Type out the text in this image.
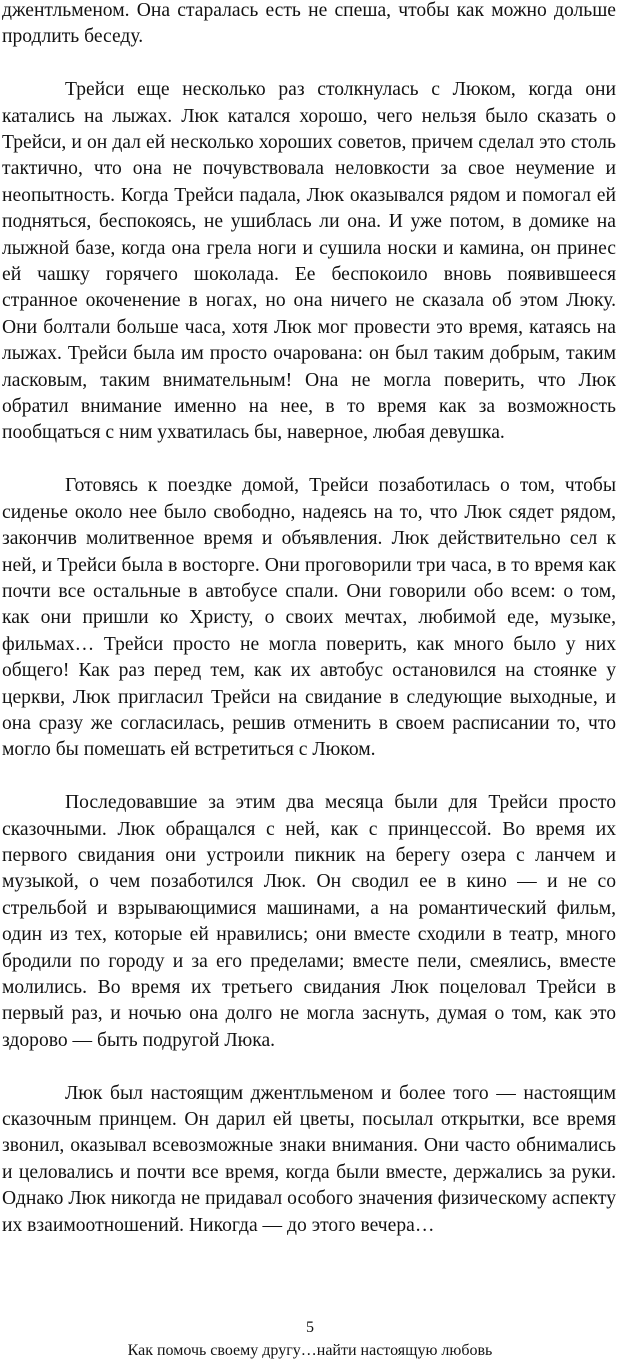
джентльменом. Она старалась есть не спеша, чтобы как можно дольше продлить беседу.

Трейси еще несколько раз столкнулась с Люком, когда они катались на лыжах. Люк катался хорошо, чего нельзя было сказать о Трейси, и он дал ей несколько хороших советов, причем сделал это столь тактично, что она не почувствовала неловкости за свое неумение и неопытность. Когда Трейси падала, Люк оказывался рядом и помогал ей подняться, беспокоясь, не ушиблась ли она. И уже потом, в домике на лыжной базе, когда она грела ноги и сушила носки и камина, он принес ей чашку горячего шоколада. Ее беспокоило вновь появившееся странное окоченение в ногах, но она ничего не сказала об этом Люку. Они болтали больше часа, хотя Люк мог провести это время, катаясь на лыжах. Трейси была им просто очарована: он был таким добрым, таким ласковым, таким внимательным! Она не могла поверить, что Люк обратил внимание именно на нее, в то время как за возможность пообщаться с ним ухватилась бы, наверное, любая девушка.

Готовясь к поездке домой, Трейси позаботилась о том, чтобы сиденье около нее было свободно, надеясь на то, что Люк сядет рядом, закончив молитвенное время и объявления. Люк действительно сел к ней, и Трейси была в восторге. Они проговорили три часа, в то время как почти все остальные в автобусе спали. Они говорили обо всем: о том, как они пришли ко Христу, о своих мечтах, любимой еде, музыке, фильмах… Трейси просто не могла поверить, как много было у них общего! Как раз перед тем, как их автобус остановился на стоянке у церкви, Люк пригласил Трейси на свидание в следующие выходные, и она сразу же согласилась, решив отменить в своем расписании то, что могло бы помешать ей встретиться с Люком.

Последовавшие за этим два месяца были для Трейси просто сказочными. Люк обращался с ней, как с принцессой. Во время их первого свидания они устроили пикник на берегу озера с ланчем и музыкой, о чем позаботился Люк. Он сводил ее в кино — и не со стрельбой и взрывающимися машинами, а на романтический фильм, один из тех, которые ей нравились; они вместе сходили в театр, много бродили по городу и за его пределами; вместе пели, смеялись, вместе молились. Во время их третьего свидания Люк поцеловал Трейси в первый раз, и ночью она долго не могла заснуть, думая о том, как это здорово — быть подругой Люка.

Люк был настоящим джентльменом и более того — настоящим сказочным принцем. Он дарил ей цветы, посылал открытки, все время звонил, оказывал всевозможные знаки внимания. Они часто обнимались и целовались и почти все время, когда были вместе, держались за руки. Однако Люк никогда не придавал особого значения физическому аспекту их взаимоотношений. Никогда — до этого вечера…

5
Как помочь своему другу…найти настоящую любовь
